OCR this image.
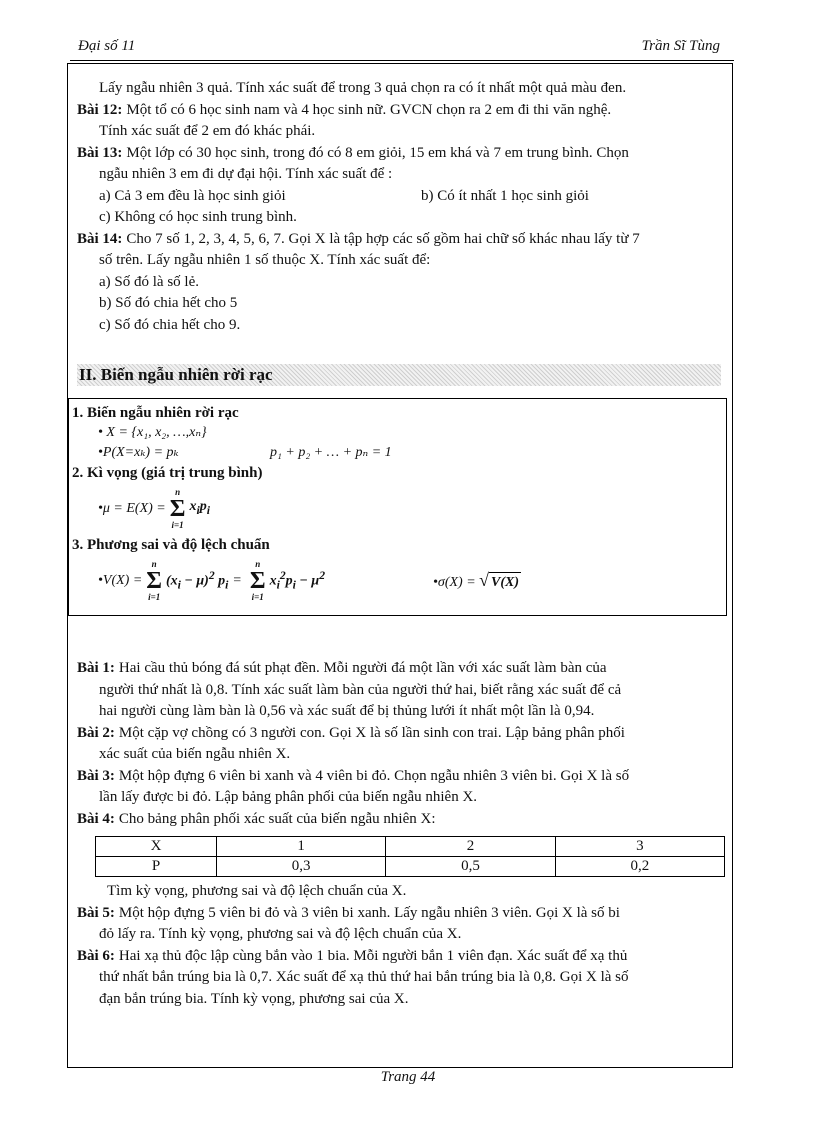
Đại số 11	Trần Sĩ Tùng

Lấy ngẫu nhiên 3 quả. Tính xác suất để trong 3 quả chọn ra có ít nhất một quả màu đen.

Bài 12: Một tổ có 6 học sinh nam và 4 học sinh nữ. GVCN chọn ra 2 em đi thi văn nghệ.

Tính xác suất để 2 em đó khác phái.

Bài 13: Một lớp có 30 học sinh, trong đó có 8 em giỏi, 15 em khá và 7 em trung bình. Chọn

ngẫu nhiên 3 em đi dự đại hội. Tính xác suất để :

a) Cả 3 em đều là học sinh giỏi	b) Có ít nhất 1 học sinh giỏi

c) Không có học sinh trung bình.

Bài 14: Cho 7 số 1, 2, 3, 4, 5, 6, 7. Gọi X là tập hợp các số gồm hai chữ số khác nhau lấy từ 7

số trên. Lấy ngẫu nhiên 1 số thuộc X. Tính xác suất để:

a) Số đó là số lẻ.

b) Số đó chia hết cho 5

c) Số đó chia hết cho 9.

II. Biến ngẫu nhiên rời rạc
1. Biến ngẫu nhiên rời rạc
• X = {x₁, x₂, …,xₙ}
•P(X=xₖ) = pₖ	p₁ + p₂ + … + pₙ = 1
2. Kì vọng (giá trị trung bình)
•μ = E(X) =
n
Σ
i=1
$x_ip_i$
3. Phương sai và độ lệch chuẩn
•V(X) =
n
Σ
i=1
$(x_i - \mu)^2$ $p_i$ =
n
Σ
i=1
$x_i^2p_i - \mu^2$	•σ(X) = √ V(X)

Bài 1: Hai cầu thủ bóng đá sút phạt đền. Mỗi người đá một lần với xác suất làm bàn của

người thứ nhất là 0,8. Tính xác suất làm bàn của người thứ hai, biết rằng xác suất để cả

hai người cùng làm bàn là 0,56 và xác suất để bị thủng lưới ít nhất một lần là 0,94.

Bài 2: Một cặp vợ chồng có 3 người con. Gọi X là số lần sinh con trai. Lập bảng phân phối

xác suất của biến ngẫu nhiên X.

Bài 3: Một hộp đựng 6 viên bi xanh và 4 viên bi đỏ. Chọn ngẫu nhiên 3 viên bi. Gọi X là số

lần lấy được bi đỏ. Lập bảng phân phối của biến ngẫu nhiên X.

Bài 4: Cho bảng phân phối xác suất của biến ngẫu nhiên X:

X	1	2	3
P	0,3	0,5	0,2

Tìm kỳ vọng, phương sai và độ lệch chuẩn của X.

Bài 5: Một hộp đựng 5 viên bi đỏ và 3 viên bi xanh. Lấy ngẫu nhiên 3 viên. Gọi X là số bi

đỏ lấy ra. Tính kỳ vọng, phương sai và độ lệch chuẩn của X.

Bài 6: Hai xạ thủ độc lập cùng bắn vào 1 bia. Mỗi người bắn 1 viên đạn. Xác suất để xạ thủ

thứ nhất bắn trúng bia là 0,7. Xác suất để xạ thủ thứ hai bắn trúng bia là 0,8. Gọi X là số

đạn bắn trúng bia. Tính kỳ vọng, phương sai của X.

Trang 44
